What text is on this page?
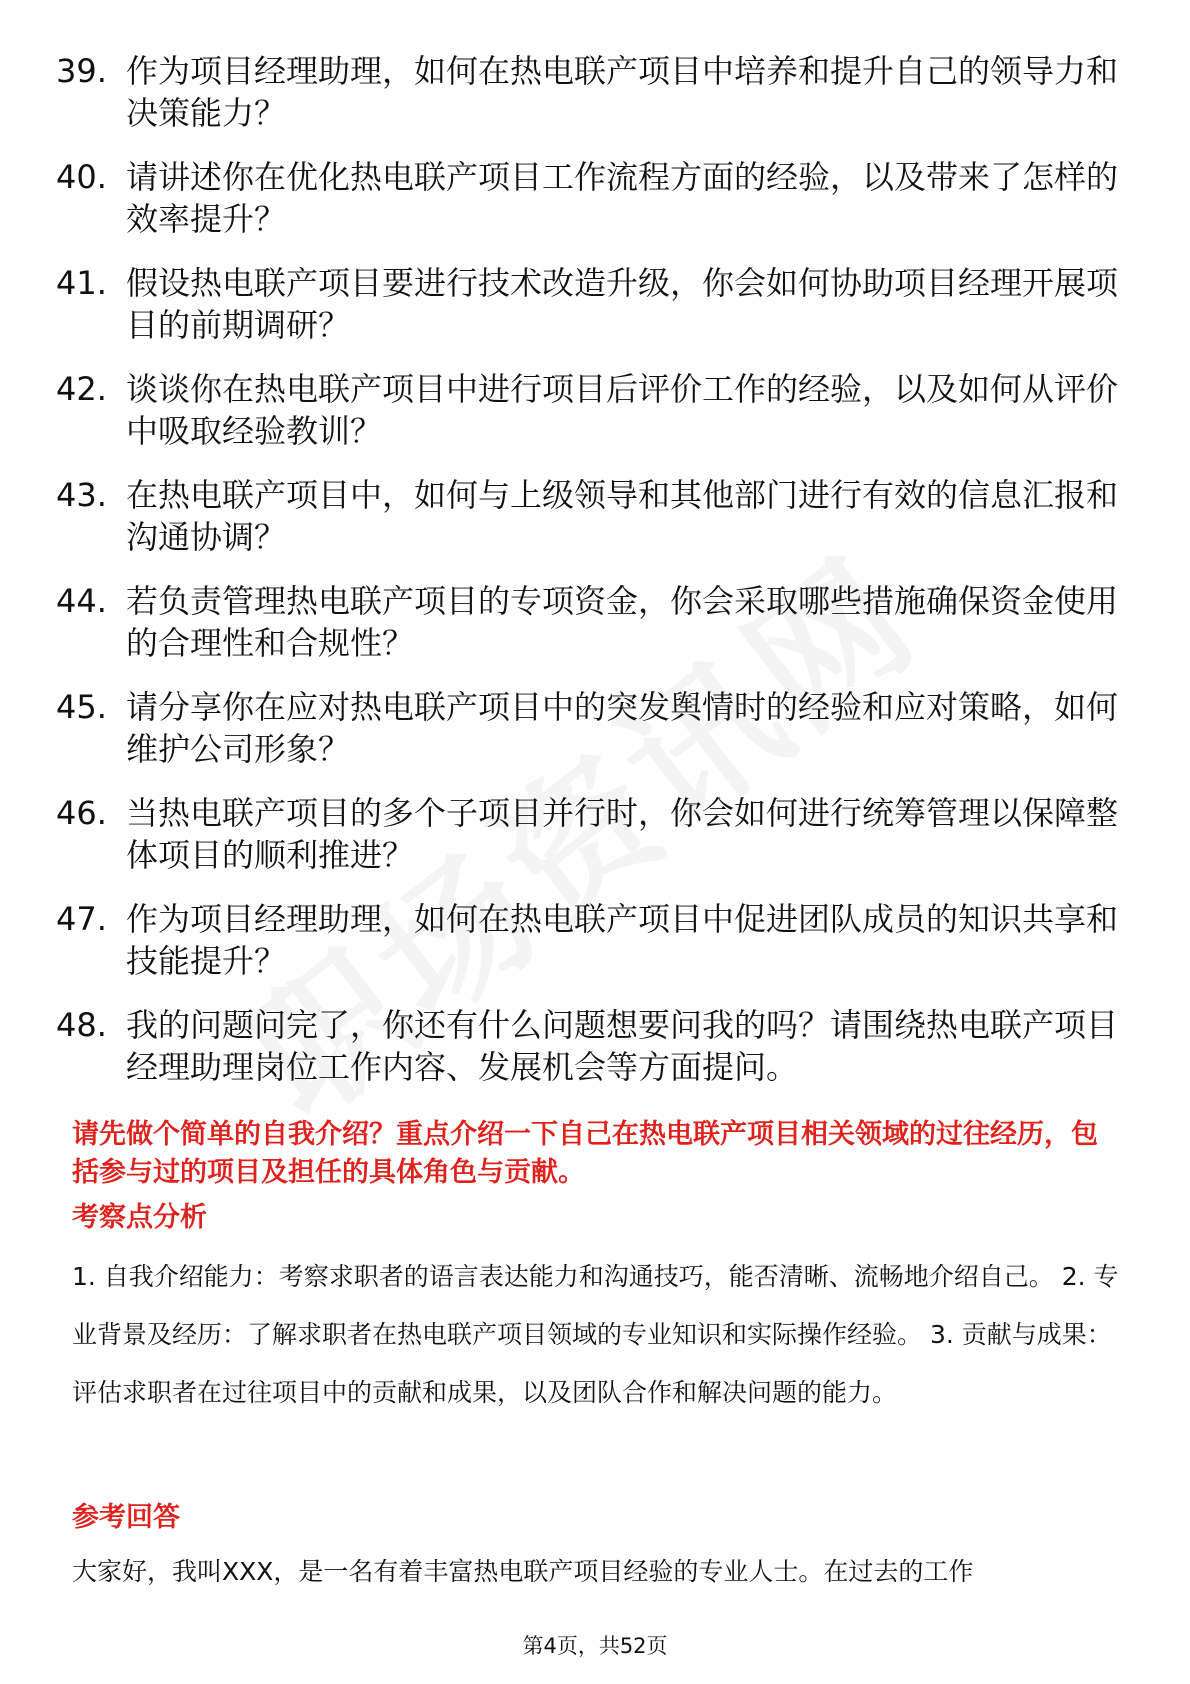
39. 作为项目经理助理，如何在热电联产项目中培养和提升自己的领导力和决策能力？
40. 请讲述你在优化热电联产项目工作流程方面的经验，以及带来了怎样的效率提升？
41. 假设热电联产项目要进行技术改造升级，你会如何协助项目经理开展项目的前期调研？
42. 谈谈你在热电联产项目中进行项目后评价工作的经验，以及如何从评价中吸取经验教训？
43. 在热电联产项目中，如何与上级领导和其他部门进行有效的信息汇报和沟通协调？
44. 若负责管理热电联产项目的专项资金，你会采取哪些措施确保资金使用的合理性和合规性？
45. 请分享你在应对热电联产项目中的突发舆情时的经验和应对策略，如何维护公司形象？
46. 当热电联产项目的多个子项目并行时，你会如何进行统筹管理以保障整体项目的顺利推进？
47. 作为项目经理助理，如何在热电联产项目中促进团队成员的知识共享和技能提升？
48. 我的问题问完了，你还有什么问题想要问我的吗？请围绕热电联产项目经理助理岗位工作内容、发展机会等方面提问。
请先做个简单的自我介绍？重点介绍一下自己在热电联产项目相关领域的过往经历，包括参与过的项目及担任的具体角色与贡献。
考察点分析
1. 自我介绍能力：考察求职者的语言表达能力和沟通技巧，能否清晰、流畅地介绍自己。 2. 专业背景及经历：了解求职者在热电联产项目领域的专业知识和实际操作经验。 3. 贡献与成果：评估求职者在过往项目中的贡献和成果，以及团队合作和解决问题的能力。
参考回答
大家好，我叫XXX，是一名有着丰富热电联产项目经验的专业人士。在过去的工作
第4页，共52页
